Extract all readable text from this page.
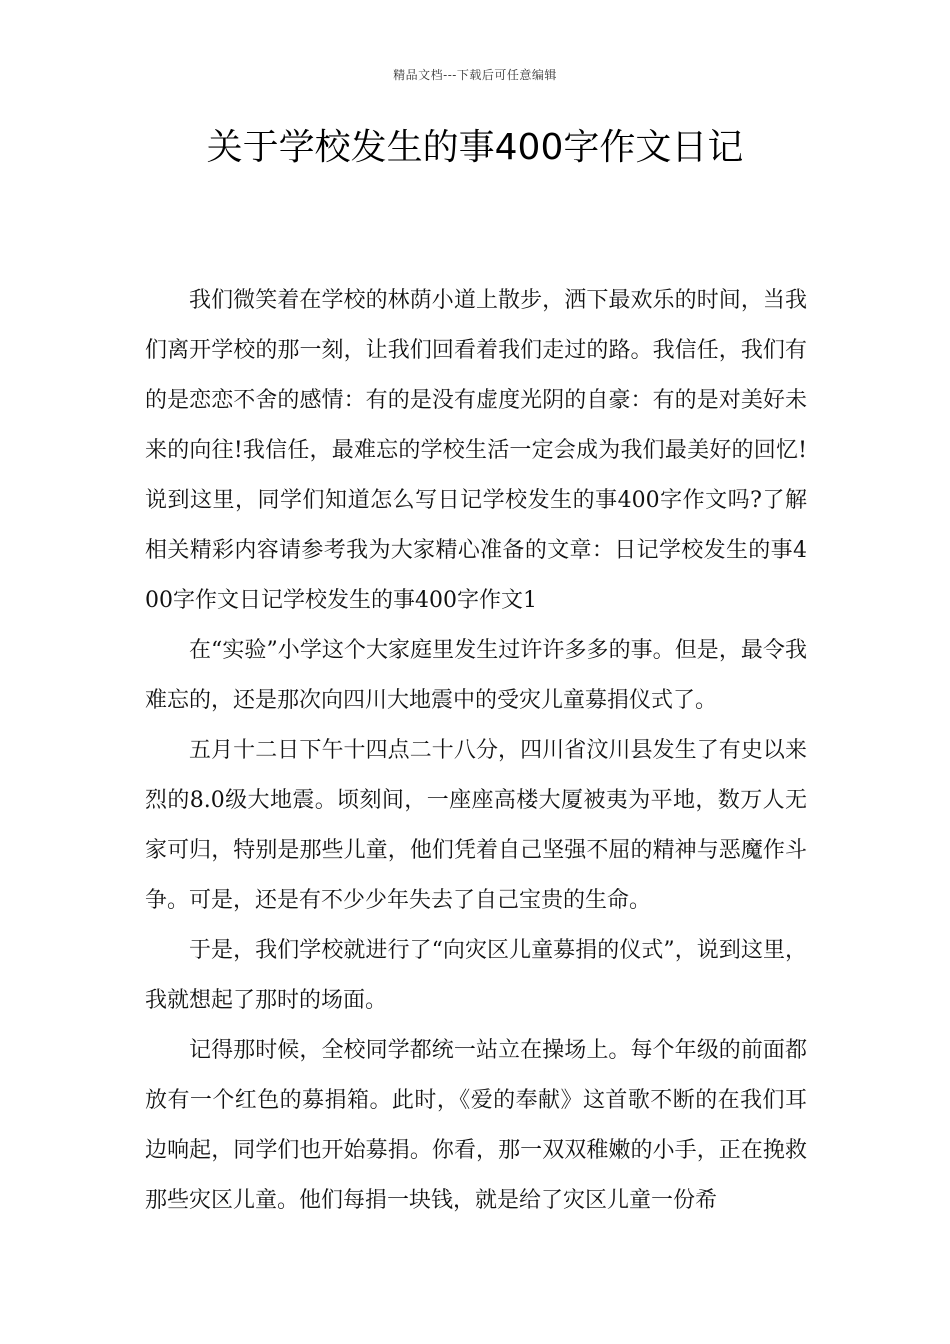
精品文档---下载后可任意编辑
关于学校发生的事400字作文日记

我们微笑着在学校的林荫小道上散步，洒下最欢乐的时间，当我们离开学校的那一刻，让我们回看着我们走过的路。我信任，我们有的是恋恋不舍的感情：有的是没有虚度光阴的自豪：有的是对美好未来的向往!我信任，最难忘的学校生活一定会成为我们最美好的回忆!说到这里，同学们知道怎么写日记学校发生的事400字作文吗?了解相关精彩内容请参考我为大家精心准备的文章：日记学校发生的事400字作文日记学校发生的事400字作文1

在“实验”小学这个大家庭里发生过许许多多的事。但是，最令我难忘的，还是那次向四川大地震中的受灾儿童募捐仪式了。

五月十二日下午十四点二十八分，四川省汶川县发生了有史以来烈的8.0级大地震。顷刻间，一座座高楼大厦被夷为平地，数万人无家可归，特别是那些儿童，他们凭着自己坚强不屈的精神与恶魔作斗争。可是，还是有不少少年失去了自己宝贵的生命。

于是，我们学校就进行了“向灾区儿童募捐的仪式”，说到这里，我就想起了那时的场面。

记得那时候，全校同学都统一站立在操场上。每个年级的前面都放有一个红色的募捐箱。此时，《爱的奉献》这首歌不断的在我们耳边响起，同学们也开始募捐。你看，那一双双稚嫩的小手，正在挽救那些灾区儿童。他们每捐一块钱，就是给了灾区儿童一份希
